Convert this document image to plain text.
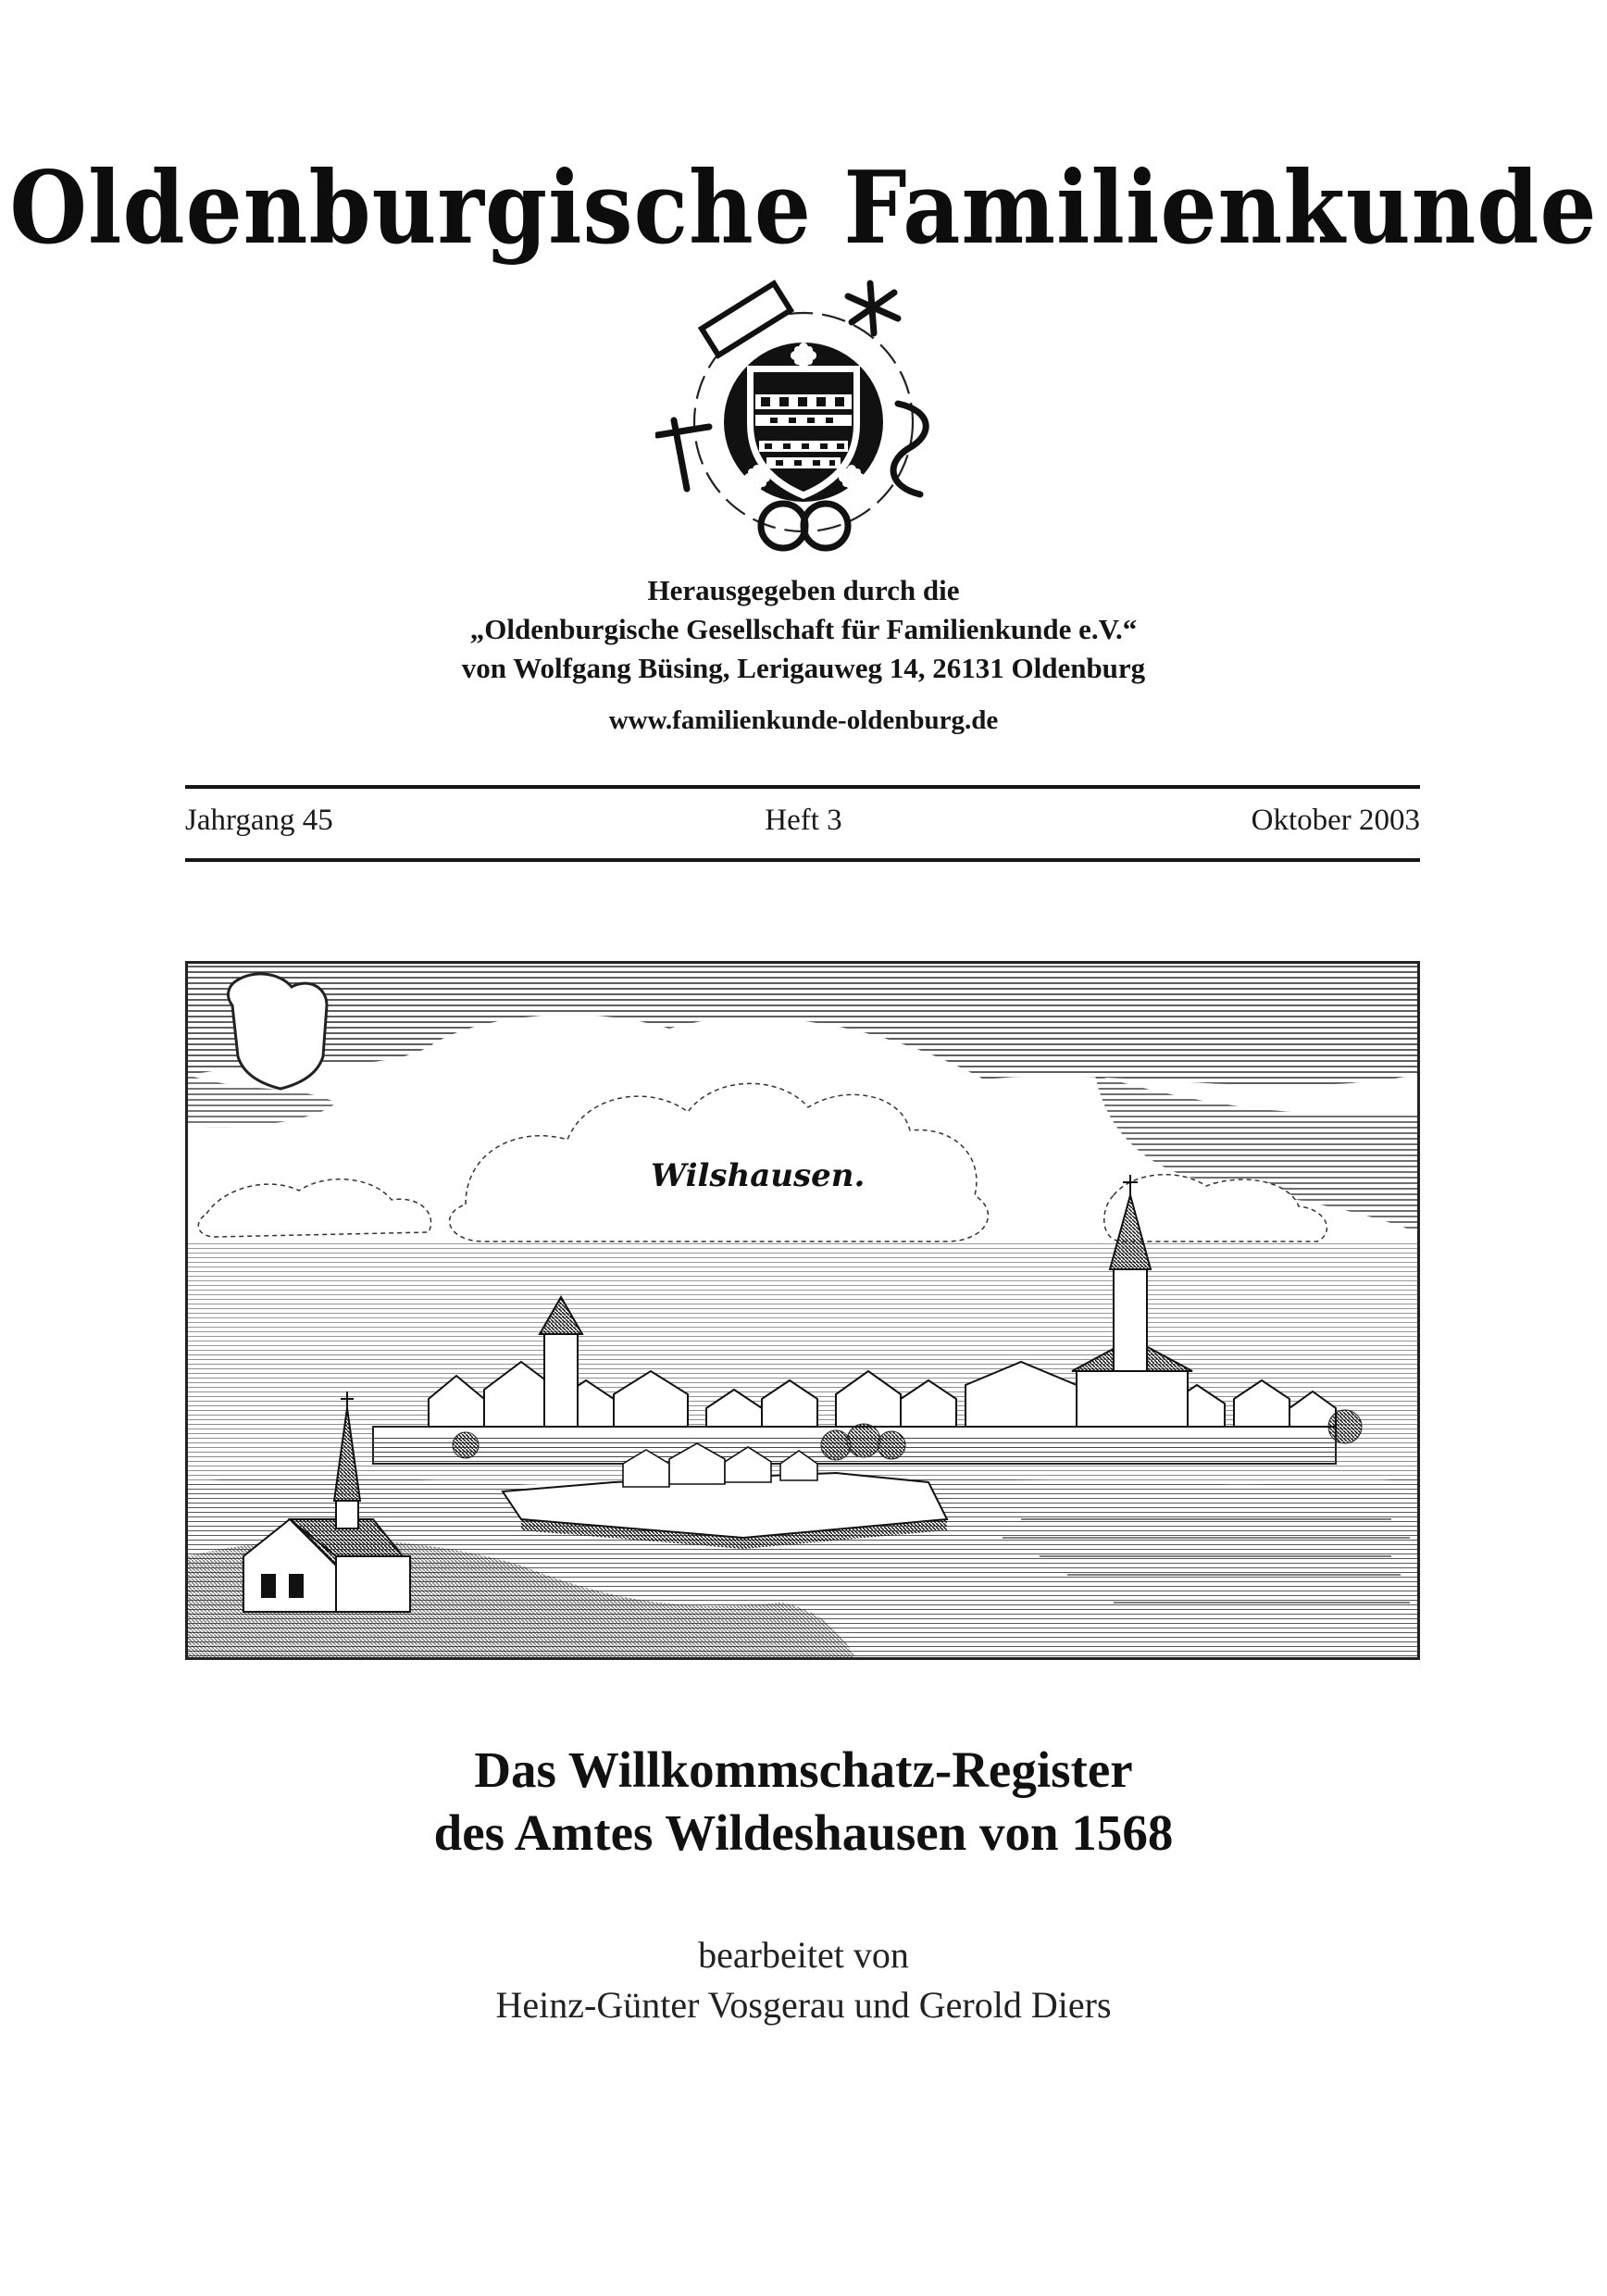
Oldenburgische Familienkunde
Herausgegeben durch die
„Oldenburgische Gesellschaft für Familienkunde e.V.“
von Wolfgang Büsing, Lerigauweg 14, 26131 Oldenburg
www.familienkunde-oldenburg.de
Jahrgang 45	Heft 3	Oktober 2003
Wilshausen.
Das Willkommschatz-Register
des Amtes Wildeshausen von 1568
bearbeitet von
Heinz-Günter Vosgerau und Gerold Diers
